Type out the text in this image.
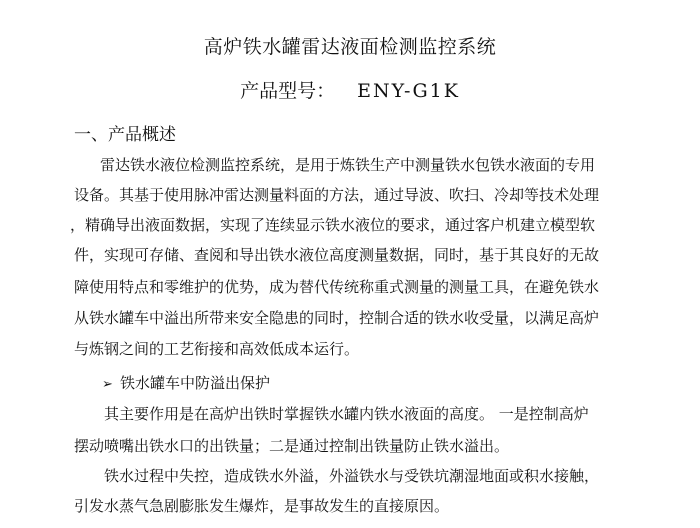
高炉铁水罐雷达液面检测监控系统
产品型号： ENY-G1K
一、产品概述
雷达铁水液位检测监控系统，是用于炼铁生产中测量铁水包铁水液面的专用
设备。其基于使用脉冲雷达测量料面的方法，通过导波、吹扫、冷却等技术处理
，精确导出液面数据，实现了连续显示铁水液位的要求，通过客户机建立模型软
件，实现可存储、查阅和导出铁水液位高度测量数据，同时，基于其良好的无故
障使用特点和零维护的优势，成为替代传统称重式测量的测量工具，在避免铁水
从铁水罐车中溢出所带来安全隐患的同时，控制合适的铁水收受量，以满足高炉
与炼钢之间的工艺衔接和高效低成本运行。
➢ 铁水罐车中防溢出保护
其主要作用是在高炉出铁时掌握铁水罐内铁水液面的高度。 一是控制高炉
摆动喷嘴出铁水口的出铁量；二是通过控制出铁量防止铁水溢出。
铁水过程中失控，造成铁水外溢，外溢铁水与受铁坑潮湿地面或积水接触，
引发水蒸气急剧膨胀发生爆炸，是事故发生的直接原因。
